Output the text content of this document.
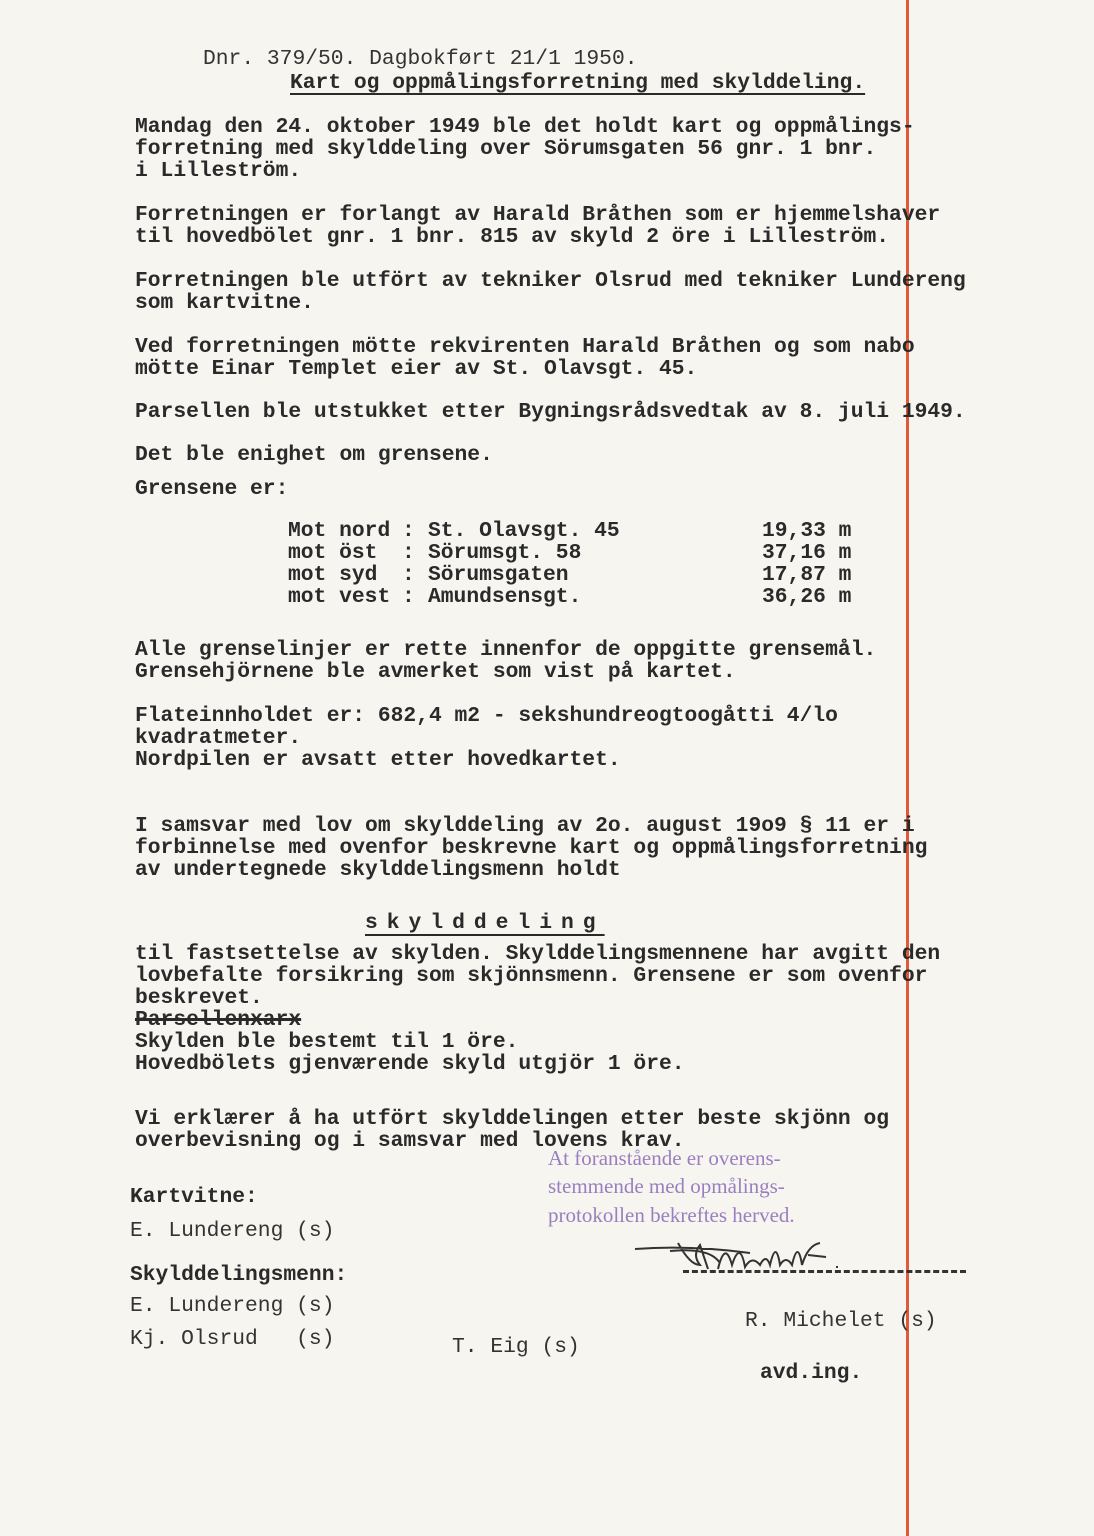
Dnr. 379/50. Dagbokført 21/1 1950.
Kart og oppmålingsforretning med skylddeling.
Mandag den 24. oktober 1949 ble det holdt kart og oppmålings-
forretning med skylddeling over Sörumsgaten 56 gnr. 1 bnr.
i Lilleström.
Forretningen er forlangt av Harald Bråthen som er hjemmelshaver
til hovedbölet gnr. 1 bnr. 815 av skyld 2 öre i Lilleström.
Forretningen ble utfört av tekniker Olsrud med tekniker Lundereng
som kartvitne.
Ved forretningen mötte rekvirenten Harald Bråthen og som nabo
mötte Einar Templet eier av St. Olavsgt. 45.
Parsellen ble utstukket etter Bygningsrådsvedtak av 8. juli 1949.
Det ble enighet om grensene.
Grensene er:
Mot nord : St. Olavsgt. 45	19,33 m
mot öst : Sörumsgt. 58	37,16 m
mot syd : Sörumsgaten	17,87 m
mot vest : Amundsensgt.	36,26 m
Alle grenselinjer er rette innenfor de oppgitte grensemål.
Grensehjörnene ble avmerket som vist på kartet.
Flateinnholdet er: 682,4 m2 - sekshundreogtoogåtti 4/lo
kvadratmeter.
Nordpilen er avsatt etter hovedkartet.
I samsvar med lov om skylddeling av 2o. august 19o9 § 11 er i
forbinnelse med ovenfor beskrevne kart og oppmålingsforretning
av undertegnede skylddelingsmenn holdt
skylddeling
til fastsettelse av skylden. Skylddelingsmennene har avgitt den
lovbefalte forsikring som skjönnsmenn. Grensene er som ovenfor
beskrevet.
Parsellenxarx
Skylden ble bestemt til 1 öre.
Hovedbölets gjenværende skyld utgjör 1 öre.
Vi erklærer å ha utfört skylddelingen etter beste skjönn og
overbevisning og i samsvar med lovens krav.
At foranstående er overens-
stemmende med opmålings-
protokollen bekreftes herved.
Kartvitne:
E. Lundereng (s)
Skylddelingsmenn:
E. Lundereng (s)
Kj. Olsrud   (s)	T. Eig (s)
R. Michelet (s)
avd.ing.
